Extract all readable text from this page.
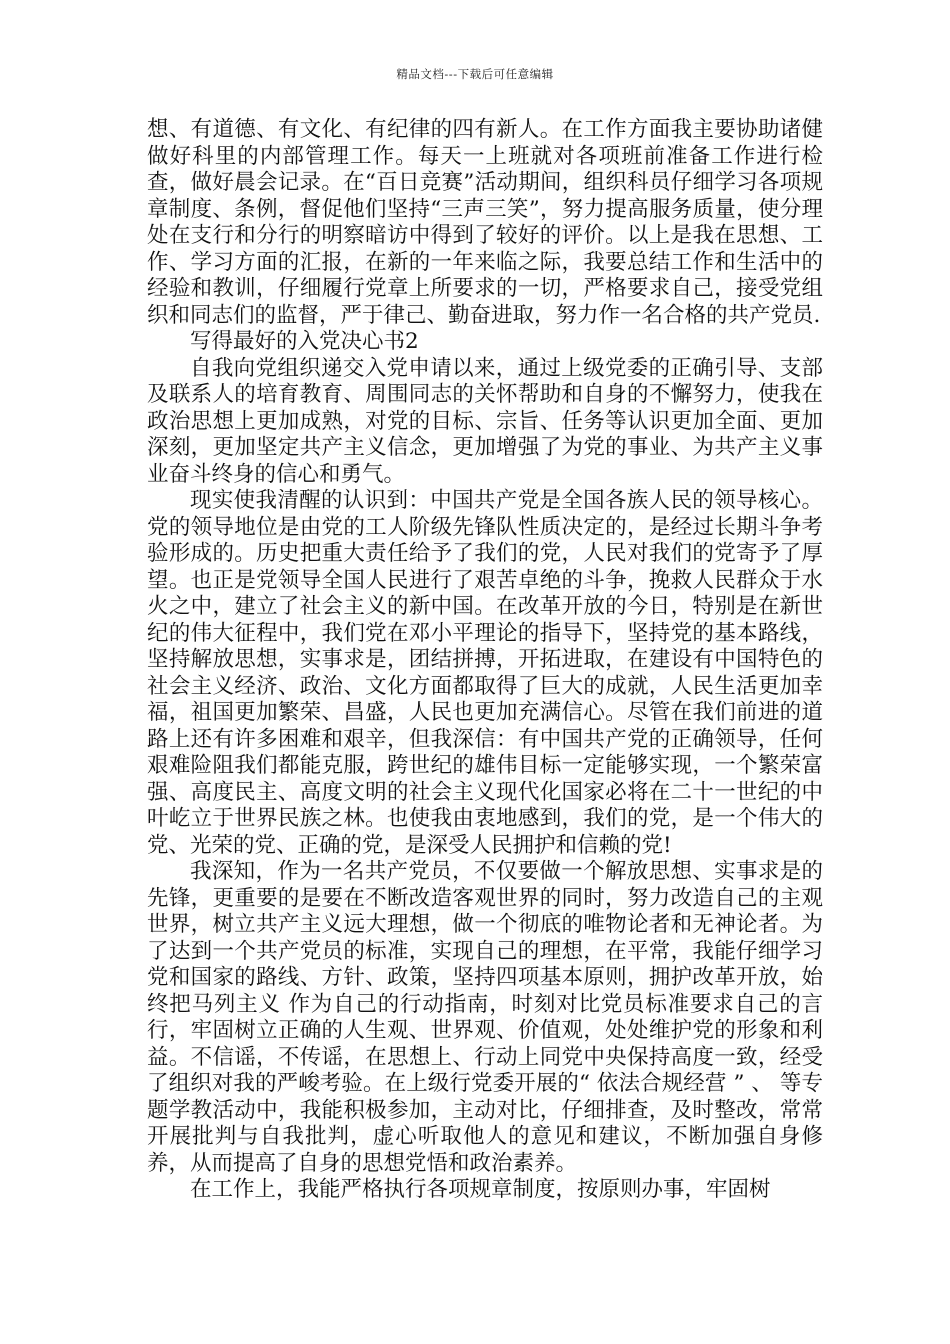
精品文档---下载后可任意编辑

想、有道德、有文化、有纪律的四有新人。在工作方面我主要协助诸健做好科里的内部管理工作。每天一上班就对各项班前准备工作进行检查，做好晨会记录。在“百日竞赛”活动期间，组织科员仔细学习各项规章制度、条例，督促他们坚持“三声三笑”，努力提高服务质量，使分理处在支行和分行的明察暗访中得到了较好的评价。以上是我在思想、工作、学习方面的汇报，在新的一年来临之际，我要总结工作和生活中的经验和教训，仔细履行党章上所要求的一切，严格要求自己，接受党组织和同志们的监督，严于律己、勤奋进取，努力作一名合格的共产党员.

写得最好的入党决心书2

自我向党组织递交入党申请以来，通过上级党委的正确引导、支部及联系人的培育教育、周围同志的关怀帮助和自身的不懈努力，使我在政治思想上更加成熟，对党的目标、宗旨、任务等认识更加全面、更加深刻，更加坚定共产主义信念，更加增强了为党的事业、为共产主义事业奋斗终身的信心和勇气。

现实使我清醒的认识到：中国共产党是全国各族人民的领导核心。党的领导地位是由党的工人阶级先锋队性质决定的，是经过长期斗争考验形成的。历史把重大责任给予了我们的党，人民对我们的党寄予了厚望。也正是党领导全国人民进行了艰苦卓绝的斗争，挽救人民群众于水火之中，建立了社会主义的新中国。在改革开放的今日，特别是在新世纪的伟大征程中，我们党在邓小平理论的指导下，坚持党的基本路线，坚持解放思想，实事求是，团结拼搏，开拓进取，在建设有中国特色的社会主义经济、政治、文化方面都取得了巨大的成就，人民生活更加幸福，祖国更加繁荣、昌盛，人民也更加充满信心。尽管在我们前进的道路上还有许多困难和艰辛，但我深信：有中国共产党的正确领导，任何艰难险阻我们都能克服，跨世纪的雄伟目标一定能够实现，一个繁荣富强、高度民主、高度文明的社会主义现代化国家必将在二十一世纪的中叶屹立于世界民族之林。也使我由衷地感到，我们的党，是一个伟大的党、光荣的党、正确的党，是深受人民拥护和信赖的党!

我深知，作为一名共产党员，不仅要做一个解放思想、实事求是的先锋，更重要的是要在不断改造客观世界的同时，努力改造自己的主观世界，树立共产主义远大理想，做一个彻底的唯物论者和无神论者。为了达到一个共产党员的标准，实现自己的理想，在平常，我能仔细学习党和国家的路线、方针、政策，坚持四项基本原则，拥护改革开放，始终把马列主义 作为自己的行动指南，时刻对比党员标准要求自己的言行，牢固树立正确的人生观、世界观、价值观，处处维护党的形象和利益。不信谣，不传谣，在思想上、行动上同党中央保持高度一致，经受了组织对我的严峻考验。在上级行党委开展的“ 依法合规经营 ” 、 等专题学教活动中，我能积极参加，主动对比，仔细排查，及时整改，常常开展批判与自我批判，虚心听取他人的意见和建议，不断加强自身修养，从而提高了自身的思想党悟和政治素养。

在工作上，我能严格执行各项规章制度，按原则办事，牢固树
